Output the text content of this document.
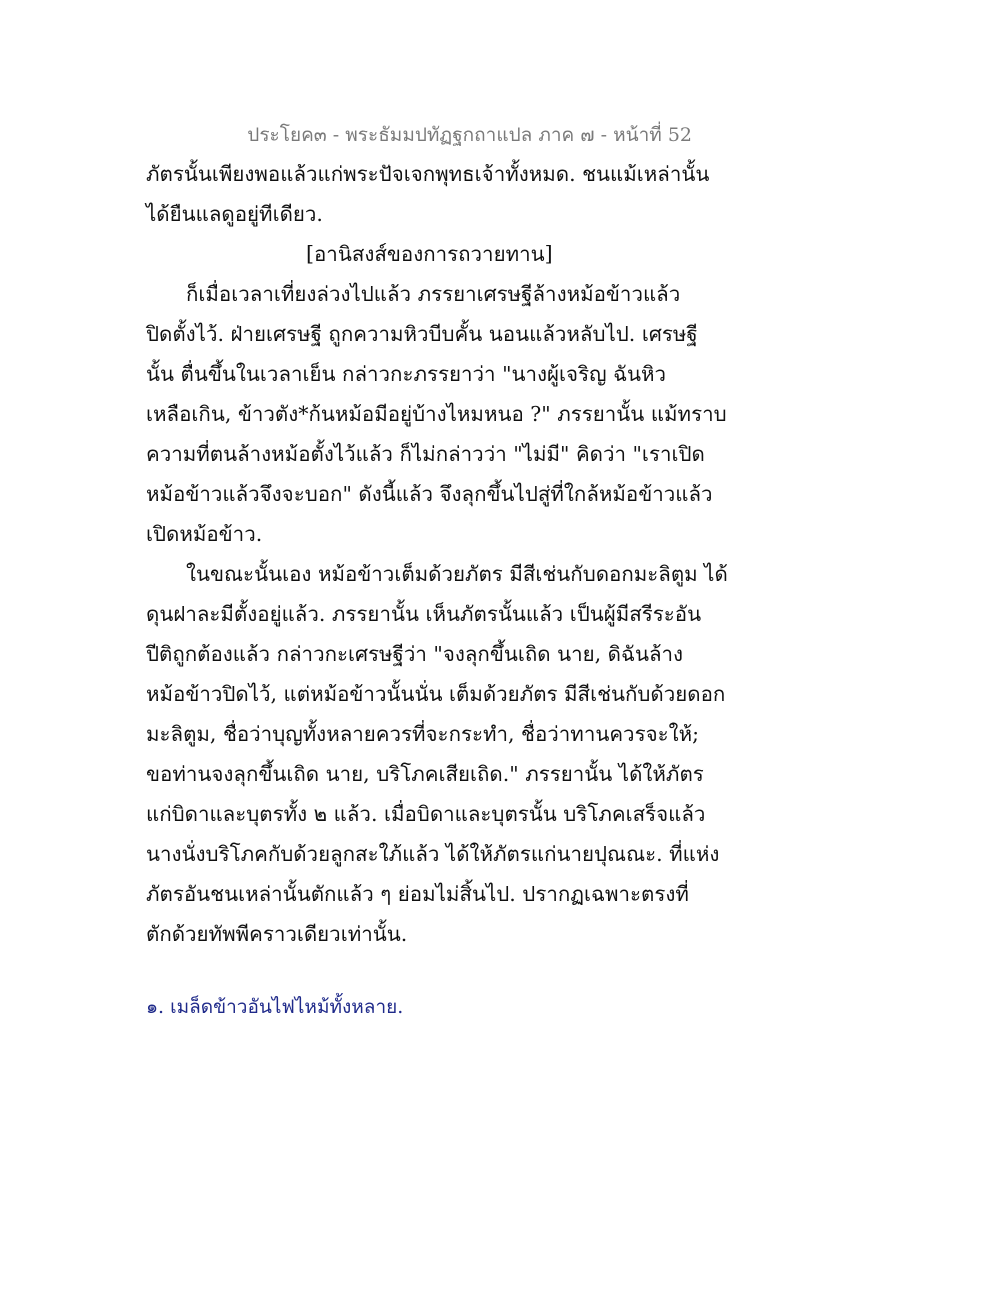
ประโยค๓ - พระธัมมปทัฏฐกถาแปล ภาค ๗ - หน้าที่ 52
ภัตรนั้นเพียงพอแล้วแก่พระปัจเจกพุทธเจ้าทั้งหมด. ชนแม้เหล่านั้น
ได้ยืนแลดูอยู่ทีเดียว.
[อานิสงส์ของการถวายทาน]
ก็เมื่อเวลาเที่ยงล่วงไปแล้ว ภรรยาเศรษฐีล้างหม้อข้าวแล้ว
ปิดตั้งไว้. ฝ่ายเศรษฐี ถูกความหิวบีบคั้น นอนแล้วหลับไป. เศรษฐี
นั้น ตื่นขึ้นในเวลาเย็น กล่าวกะภรรยาว่า "นางผู้เจริญ ฉันหิว
เหลือเกิน, ข้าวตัง*ก้นหม้อมีอยู่บ้างไหมหนอ ?" ภรรยานั้น แม้ทราบ
ความที่ตนล้างหม้อตั้งไว้แล้ว ก็ไม่กล่าวว่า "ไม่มี" คิดว่า "เราเปิด
หม้อข้าวแล้วจึงจะบอก" ดังนี้แล้ว จึงลุกขึ้นไปสู่ที่ใกล้หม้อข้าวแล้ว
เปิดหม้อข้าว.
ในขณะนั้นเอง หม้อข้าวเต็มด้วยภัตร มีสีเช่นกับดอกมะลิตูม ได้
ดุนฝาละมีตั้งอยู่แล้ว. ภรรยานั้น เห็นภัตรนั้นแล้ว เป็นผู้มีสรีระอัน
ปีติถูกต้องแล้ว กล่าวกะเศรษฐีว่า "จงลุกขึ้นเถิด นาย, ดิฉันล้าง
หม้อข้าวปิดไว้, แต่หม้อข้าวนั้นนั่น เต็มด้วยภัตร มีสีเช่นกับด้วยดอก
มะลิตูม, ชื่อว่าบุญทั้งหลายควรที่จะกระทำ, ชื่อว่าทานควรจะให้;
ขอท่านจงลุกขึ้นเถิด นาย, บริโภคเสียเถิด." ภรรยานั้น ได้ให้ภัตร
แก่บิดาและบุตรทั้ง ๒ แล้ว. เมื่อบิดาและบุตรนั้น บริโภคเสร็จแล้ว
นางนั่งบริโภคกับด้วยลูกสะใภ้แล้ว ได้ให้ภัตรแก่นายปุณณะ. ที่แห่ง
ภัตรอันชนเหล่านั้นตักแล้ว ๆ ย่อมไม่สิ้นไป. ปรากฏเฉพาะตรงที่
ตักด้วยทัพพีคราวเดียวเท่านั้น.
๑. เมล็ดข้าวอันไฟไหม้ทั้งหลาย.
